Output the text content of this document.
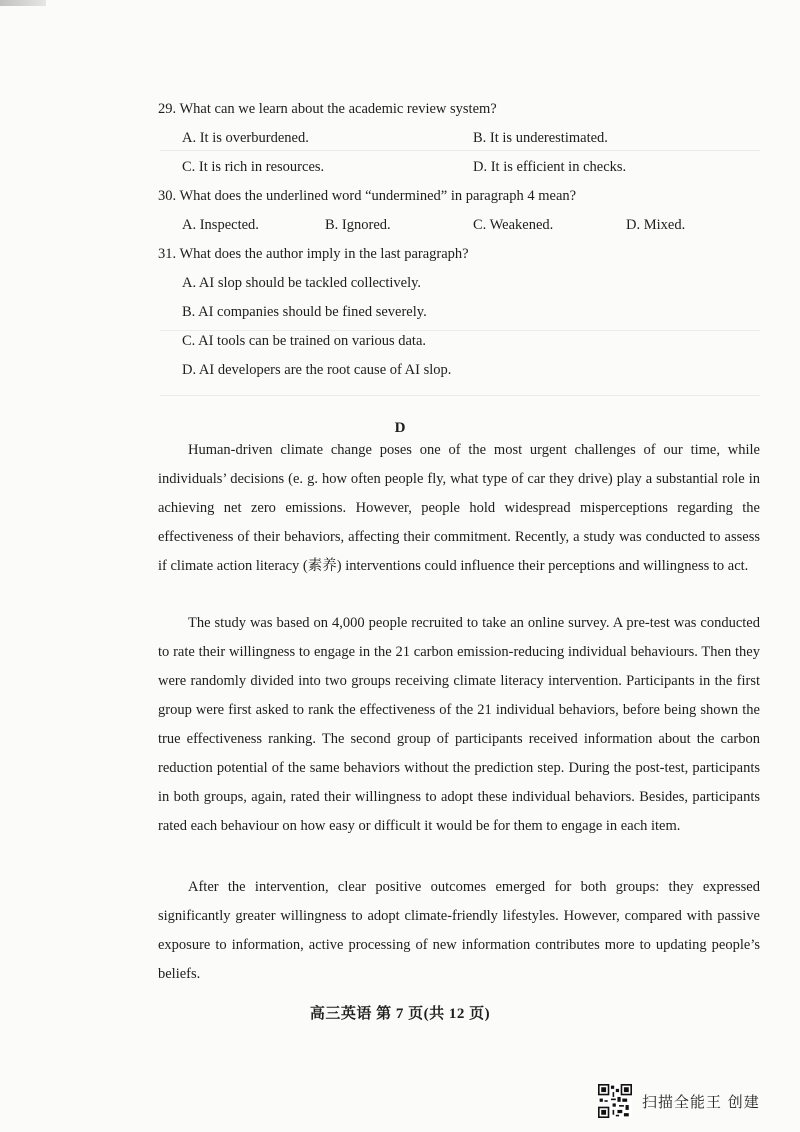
29. What can we learn about the academic review system?
A. It is overburdened.	B. It is underestimated.
C. It is rich in resources.	D. It is efficient in checks.
30. What does the underlined word “undermined” in paragraph 4 mean?
A. Inspected.	B. Ignored.	C. Weakened.	D. Mixed.
31. What does the author imply in the last paragraph?
A. AI slop should be tackled collectively.
B. AI companies should be fined severely.
C. AI tools can be trained on various data.
D. AI developers are the root cause of AI slop.
D

Human-driven climate change poses one of the most urgent challenges of our time, while individuals’ decisions (e. g. how often people fly, what type of car they drive) play a substantial role in achieving net zero emissions. However, people hold widespread misperceptions regarding the effectiveness of their behaviors, affecting their commitment. Recently, a study was conducted to assess if climate action literacy (素养) interventions could influence their perceptions and willingness to act.

The study was based on 4,000 people recruited to take an online survey. A pre-test was conducted to rate their willingness to engage in the 21 carbon emission-reducing individual behaviours. Then they were randomly divided into two groups receiving climate literacy intervention. Participants in the first group were first asked to rank the effectiveness of the 21 individual behaviors, before being shown the true effectiveness ranking. The second group of participants received information about the carbon reduction potential of the same behaviors without the prediction step. During the post-test, participants in both groups, again, rated their willingness to adopt these individual behaviors. Besides, participants rated each behaviour on how easy or difficult it would be for them to engage in each item.

After the intervention, clear positive outcomes emerged for both groups: they expressed significantly greater willingness to adopt climate-friendly lifestyles. However, compared with passive exposure to information, active processing of new information contributes more to updating people’s beliefs.

高三英语 第 7 页(共 12 页)
扫描全能王 创建
